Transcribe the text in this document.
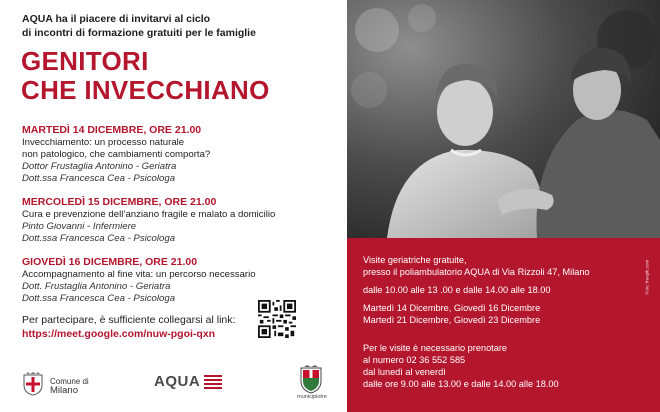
AQUA ha il piacere di invitarvi al ciclo
di incontri di formazione gratuiti per le famiglie
GENITORI
CHE INVECCHIANO
MARTEDÌ 14 DICEMBRE, ORE 21.00
Invecchiamento: un processo naturale
non patologico, che cambiamenti comporta?
Dottor Frustaglia Antonino - Geriatra
Dott.ssa Francesca Cea - Psicologa
MERCOLEDÌ 15 DICEMBRE, ORE 21.00
Cura e prevenzione dell’anziano fragile e malato a domicilio
Pinto Giovanni - Infermiere
Dott.ssa Francesca Cea - Psicologa
GIOVEDÌ 16 DICEMBRE, ORE 21.00
Accompagnamento al fine vita: un percorso necessario
Dott. Frustaglia Antonino - Geriatra
Dott.ssa Francesca Cea - Psicologa
Per partecipare, è sufficiente collegarsi al link:
https://meet.google.com/nuw-pgoi-qxn
Comune di
Milano
AQUA
municipiotre
Visite geriatriche gratuite,
presso il poliambulatorio AQUA di Via Rizzoli 47, Milano
dalle 10.00 alle 13 .00 e dalle 14.00 alle 18.00
Martedì 14 Dicembre, Giovedì 16 Dicembre
Martedì 21 Dicembre, Giovedì 23 Dicembre
Per le visite è necessario prenotare
al numero 02 36 552 585
dal lunedì al venerdì
dalle ore 9.00 alle 13.00 e dalle 14.00 alle 18.00
Foto: freepik.com
